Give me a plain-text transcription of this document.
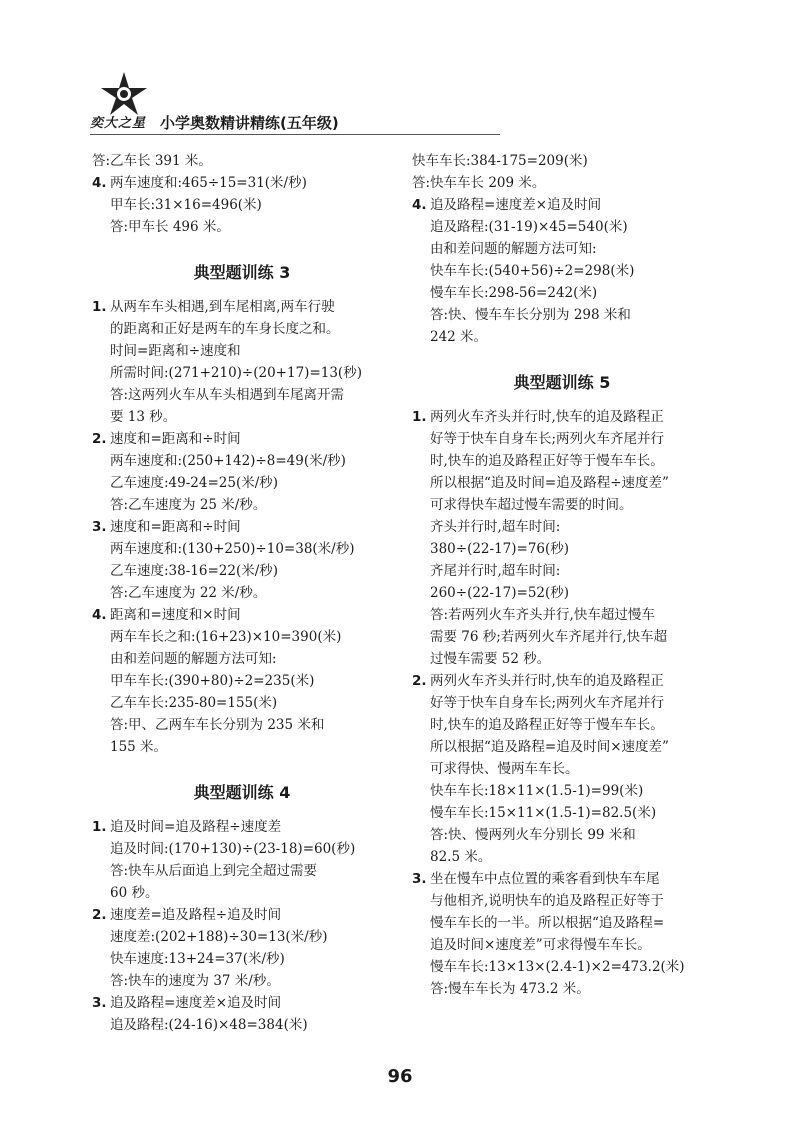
奕大之星 小学奥数精讲精练(五年级)
答:乙车长 391 米。
4. 两车速度和:465÷15=31(米/秒)
甲车长:31×16=496(米)
答:甲车长 496 米。
典型题训练 3
1. 从两车车头相遇,到车尾相离,两车行驶
的距离和正好是两车的车身长度之和。
时间=距离和÷速度和
所需时间:(271+210)÷(20+17)=13(秒)
答:这两列火车从车头相遇到车尾离开需
要 13 秒。
2. 速度和=距离和÷时间
两车速度和:(250+142)÷8=49(米/秒)
乙车速度:49-24=25(米/秒)
答:乙车速度为 25 米/秒。
3. 速度和=距离和÷时间
两车速度和:(130+250)÷10=38(米/秒)
乙车速度:38-16=22(米/秒)
答:乙车速度为 22 米/秒。
4. 距离和=速度和×时间
两车车长之和:(16+23)×10=390(米)
由和差问题的解题方法可知:
甲车车长:(390+80)÷2=235(米)
乙车车长:235-80=155(米)
答:甲、乙两车车长分别为 235 米和
155 米。
典型题训练 4
1. 追及时间=追及路程÷速度差
追及时间:(170+130)÷(23-18)=60(秒)
答:快车从后面追上到完全超过需要
60 秒。
2. 速度差=追及路程÷追及时间
速度差:(202+188)÷30=13(米/秒)
快车速度:13+24=37(米/秒)
答:快车的速度为 37 米/秒。
3. 追及路程=速度差×追及时间
追及路程:(24-16)×48=384(米)
快车车长:384-175=209(米)
答:快车车长 209 米。
4. 追及路程=速度差×追及时间
追及路程:(31-19)×45=540(米)
由和差问题的解题方法可知:
快车车长:(540+56)÷2=298(米)
慢车车长:298-56=242(米)
答:快、慢车车长分别为 298 米和
242 米。
典型题训练 5
1. 两列火车齐头并行时,快车的追及路程正
好等于快车自身车长;两列火车齐尾并行
时,快车的追及路程正好等于慢车车长。
所以根据“追及时间=追及路程÷速度差”
可求得快车超过慢车需要的时间。
齐头并行时,超车时间:
380÷(22-17)=76(秒)
齐尾并行时,超车时间:
260÷(22-17)=52(秒)
答:若两列火车齐头并行,快车超过慢车
需要 76 秒;若两列火车齐尾并行,快车超
过慢车需要 52 秒。
2. 两列火车齐头并行时,快车的追及路程正
好等于快车自身车长;两列火车齐尾并行
时,快车的追及路程正好等于慢车车长。
所以根据“追及路程=追及时间×速度差”
可求得快、慢两车车长。
快车车长:18×11×(1.5-1)=99(米)
慢车车长:15×11×(1.5-1)=82.5(米)
答:快、慢两列火车分别长 99 米和
82.5 米。
3. 坐在慢车中点位置的乘客看到快车车尾
与他相齐,说明快车的追及路程正好等于
慢车车长的一半。所以根据“追及路程=
追及时间×速度差”可求得慢车车长。
慢车车长:13×13×(2.4-1)×2=473.2(米)
答:慢车车长为 473.2 米。
96
